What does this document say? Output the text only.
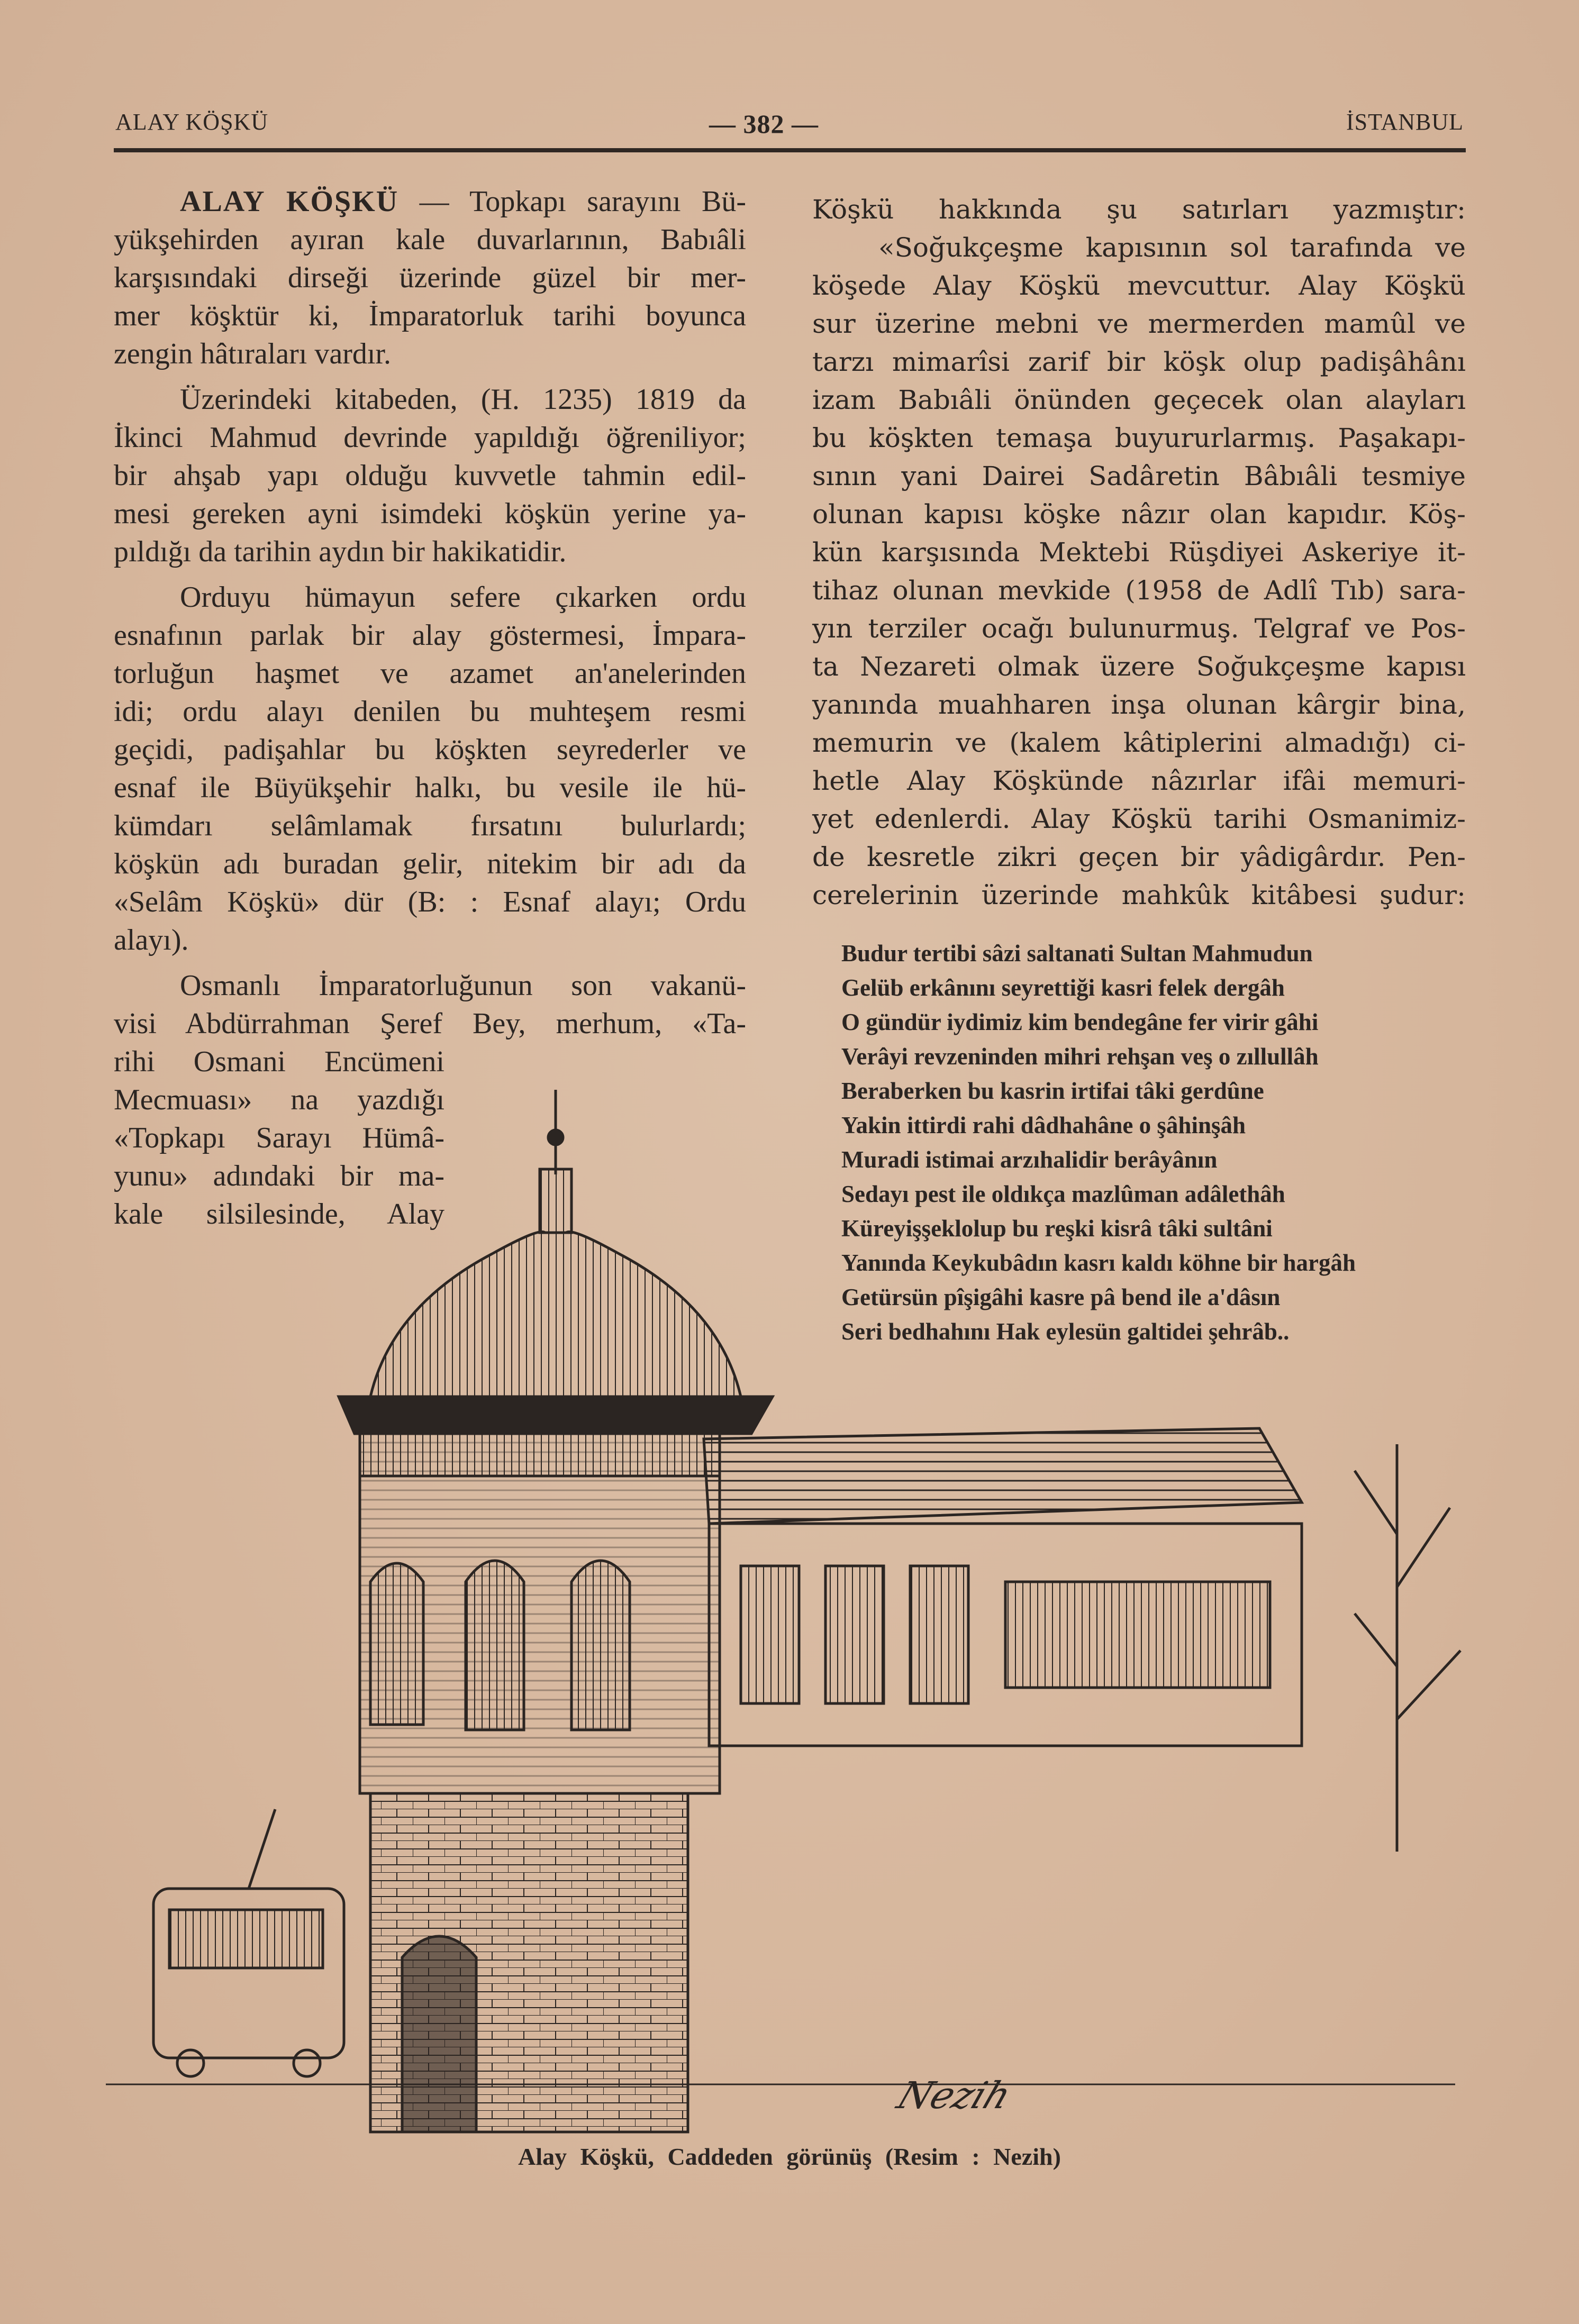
ALAY KÖŞKÜ	— 382 —	İSTANBUL
ALAY KÖŞKÜ — Topkapı sarayını Bü-
yükşehirden ayıran kale duvarlarının, Babıâli
karşısındaki dirseği üzerinde güzel bir mer-
mer köşktür ki, İmparatorluk tarihi boyunca
zengin hâtıraları vardır.
Üzerindeki kitabeden, (H. 1235) 1819 da
İkinci Mahmud devrinde yapıldığı öğreniliyor;
bir ahşab yapı olduğu kuvvetle tahmin edil-
mesi gereken ayni isimdeki köşkün yerine ya-
pıldığı da tarihin aydın bir hakikatidir.
Orduyu hümayun sefere çıkarken ordu
esnafının parlak bir alay göstermesi, İmpara-
torluğun haşmet ve azamet an'anelerinden
idi; ordu alayı denilen bu muhteşem resmi
geçidi, padişahlar bu köşkten seyrederler ve
esnaf ile Büyükşehir halkı, bu vesile ile hü-
kümdarı selâmlamak fırsatını bulurlardı;
köşkün adı buradan gelir, nitekim bir adı da
«Selâm Köşkü» dür (B: : Esnaf alayı; Ordu
alayı).
Osmanlı İmparatorluğunun son vakanü-
visi Abdürrahman Şeref Bey, merhum, «Ta-
rihi Osmani Encümeni
Mecmuası» na yazdığı
«Topkapı Sarayı Hümâ-
yunu» adındaki bir ma-
kale silsilesinde, Alay
Köşkü hakkında şu satırları yazmıştır:
«Soğukçeşme kapısının sol tarafında ve
köşede Alay Köşkü mevcuttur. Alay Köşkü
sur üzerine mebni ve mermerden mamûl ve
tarzı mimarîsi zarif bir köşk olup padişâhânı
izam Babıâli önünden geçecek olan alayları
bu köşkten temaşa buyururlarmış. Paşakapı-
sının yani Dairei Sadâretin Bâbıâli tesmiye
olunan kapısı köşke nâzır olan kapıdır. Köş-
kün karşısında Mektebi Rüşdiyei Askeriye it-
tihaz olunan mevkide (1958 de Adlî Tıb) sara-
yın terziler ocağı bulunurmuş. Telgraf ve Pos-
ta Nezareti olmak üzere Soğukçeşme kapısı
yanında muahharen inşa olunan kârgir bina,
memurin ve (kalem kâtiplerini almadığı) ci-
hetle Alay Köşkünde nâzırlar ifâi memuri-
yet edenlerdi. Alay Köşkü tarihi Osmanimiz-
de kesretle zikri geçen bir yâdigârdır. Pen-
cerelerinin üzerinde mahkûk kitâbesi şudur:
Budur tertibi sâzi saltanati Sultan Mahmudun
Gelüb erkânını seyrettiği kasri felek dergâh
O gündür iydimiz kim bendegâne fer virir gâhi
Verâyi revzeninden mihri rehşan veş o zıllullâh
Beraberken bu kasrin irtifai tâki gerdûne
Yakin ittirdi rahi dâdhahâne o şâhinşâh
Muradi istimai arzıhalidir berâyânın
Sedayı pest ile oldıkça mazlûman adâlethâh
Küreyişşeklolup bu reşki kisrâ tâki sultâni
Yanında Keykubâdın kasrı kaldı köhne bir hargâh
Getürsün pîşigâhi kasre pâ bend ile a'dâsın
Seri bedhahını Hak eylesün galtidei şehrâb..
Nezih
Alay Köşkü, Caddeden görünüş (Resim : Nezih)
